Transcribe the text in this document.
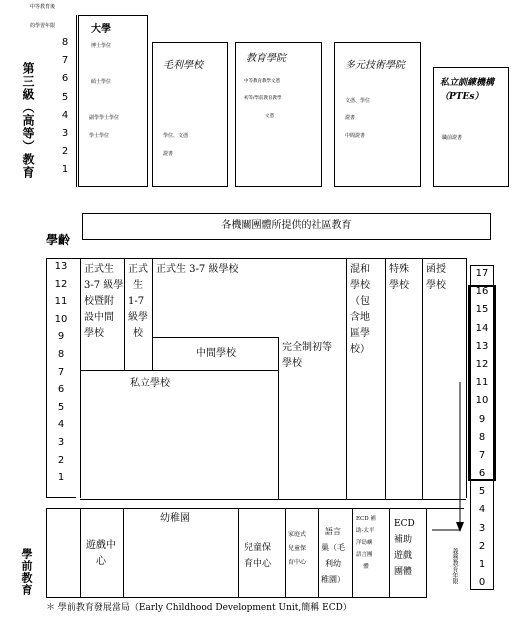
中等教育後
的學習年限
第三級（高等）教育
8
7
6
5
4
3
2
1
大學
博士學位
碩士學位
副學學士學位
學士學位
毛利學校
學位、文憑
證書
教育學院
中等教育教學文憑
初等/學前教育教學
文憑
多元技術學院
文憑、學位
證書
中間證書
私立訓練機構（PTEs）
職前證書
各機關團體所提供的社區教育
學齡
13
12
11
10
9
8
7
6
5
4
3
2
1
正式生
3-7 級學
校暨附
設中間
學校
正式
生
1-7
級學
校
正式生 3-7 級學校
中間學校
完全制初等
學校
混和
學校
（包
含地
區學
校）
特殊
學校
函授
學校
私立學校
17
16
15
14
13
12
11
10
9
8
7
6
5
4
3
2
1
0
學前教育
遊戲中
心
幼稚園
兒童保
育中心
家庭式
兒童保
育中心
語言
巢（毛
利幼
稚園）
ECD 補
助-太平
洋島嶼
語言團
體
ECD
補助
遊戲
團體	義務教育年限
＊ 學前教育發展當局（Early Childhood Development Unit,簡稱 ECD）
